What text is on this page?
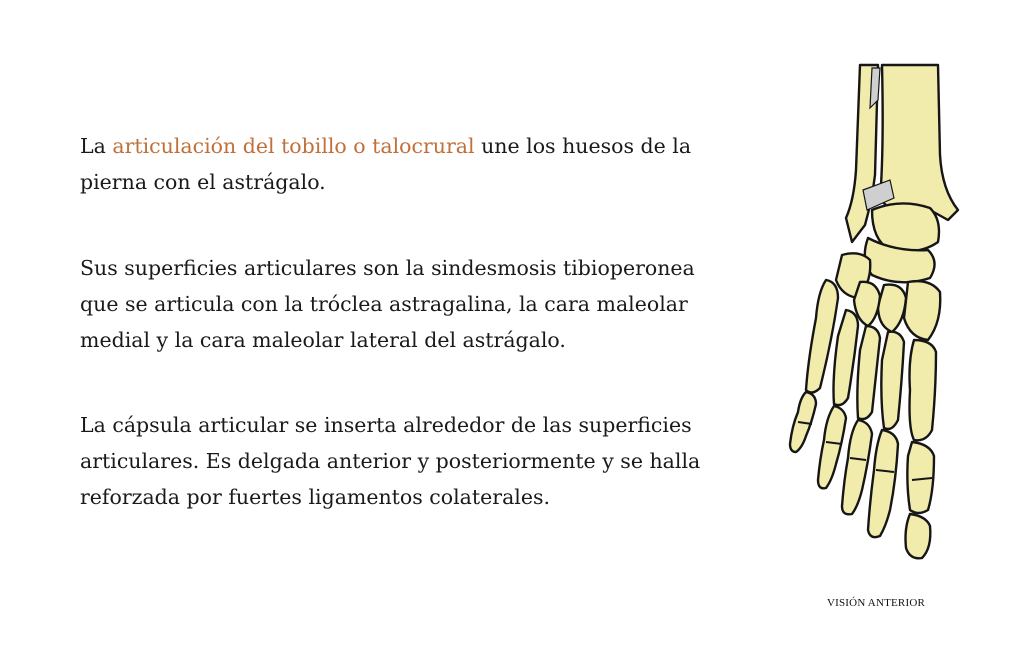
La articulación del tobillo o talocrural une los huesos de la pierna con el astrágalo.

Sus superficies articulares son la sindesmosis tibioperonea que se articula con la tróclea astragalina, la cara maleolar medial y la cara maleolar lateral del astrágalo.

La cápsula articular se inserta alrededor de las superficies articulares. Es delgada anterior y posteriormente y se halla reforzada por fuertes ligamentos colaterales.

VISIÓN ANTERIOR
